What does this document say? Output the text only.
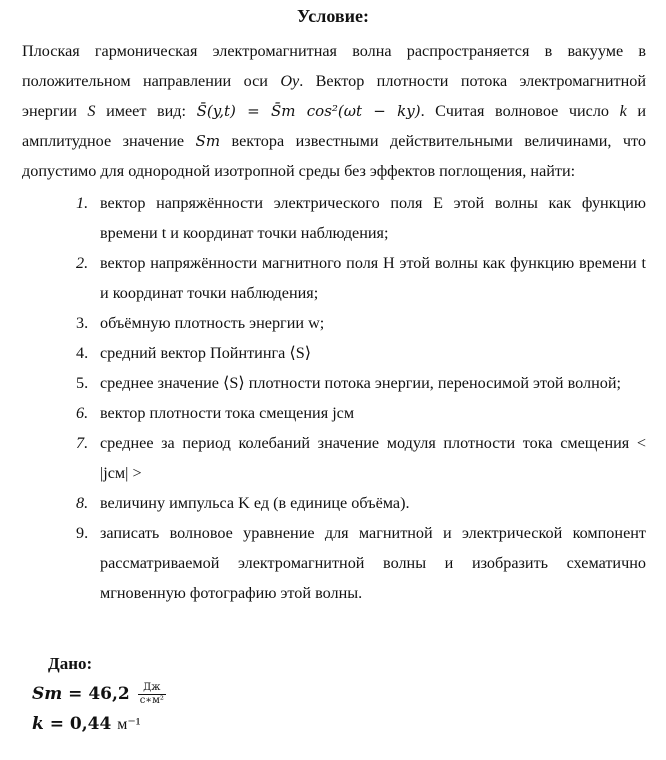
Условие:

Плоская гармоническая электромагнитная волна распространяется в вакууме в положительном направлении оси Oy. Вектор плотности потока электромагнитной энергии S имеет вид: S̄(y,t) = S̄m cos²(ωt − ky). Считая волновое число k и амплитудное значение Sm вектора известными действительными величинами, что допустимо для однородной изотропной среды без эффектов поглощения, найти:

1. вектор напряжённости электрического поля E этой волны как функцию времени t и координат точки наблюдения;
2. вектор напряжённости магнитного поля H этой волны как функцию времени t и координат точки наблюдения;
3. объёмную плотность энергии w;
4. средний вектор Пойнтинга ⟨S⟩
5. среднее значение ⟨S⟩ плотности потока энергии, переносимой этой волной;
6. вектор плотности тока смещения jсм
7. среднее за период колебаний значение модуля плотности тока смещения < |jсм| >
8. величину импульса K ед (в единице объёма).
9. записать волновое уравнение для магнитной и электрической компонент рассматриваемой электромагнитной волны и изобразить схематично мгновенную фотографию этой волны.
Дано:
$Sm = 46,2 \frac{Дж}{\text{с∗м²}}$
k = 0,44 м⁻¹
